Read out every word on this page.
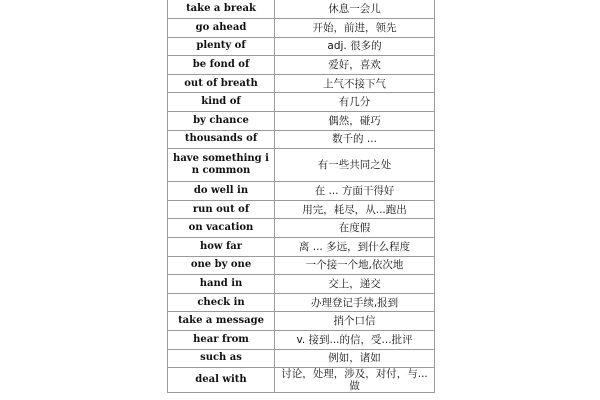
take a break	休息一会儿
go ahead	开始，前进，领先
plenty of	adj. 很多的
be fond of	爱好，喜欢
out of breath	上气不接下气
kind of	有几分
by chance	偶然，碰巧
thousands of	数千的 ...
have something in common	有一些共同之处
do well in	在 ... 方面干得好
run out of	用完，耗尽，从...跑出
on vacation	在度假
how far	离 ... 多远，到什么程度
one by one	一个接一个地,依次地
hand in	交上，递交
check in	办理登记手续,报到
take a message	捎个口信
hear from	v. 接到...的信，受...批评
such as	例如，诸如
deal with	讨论，处理，涉及，对付，与...做
